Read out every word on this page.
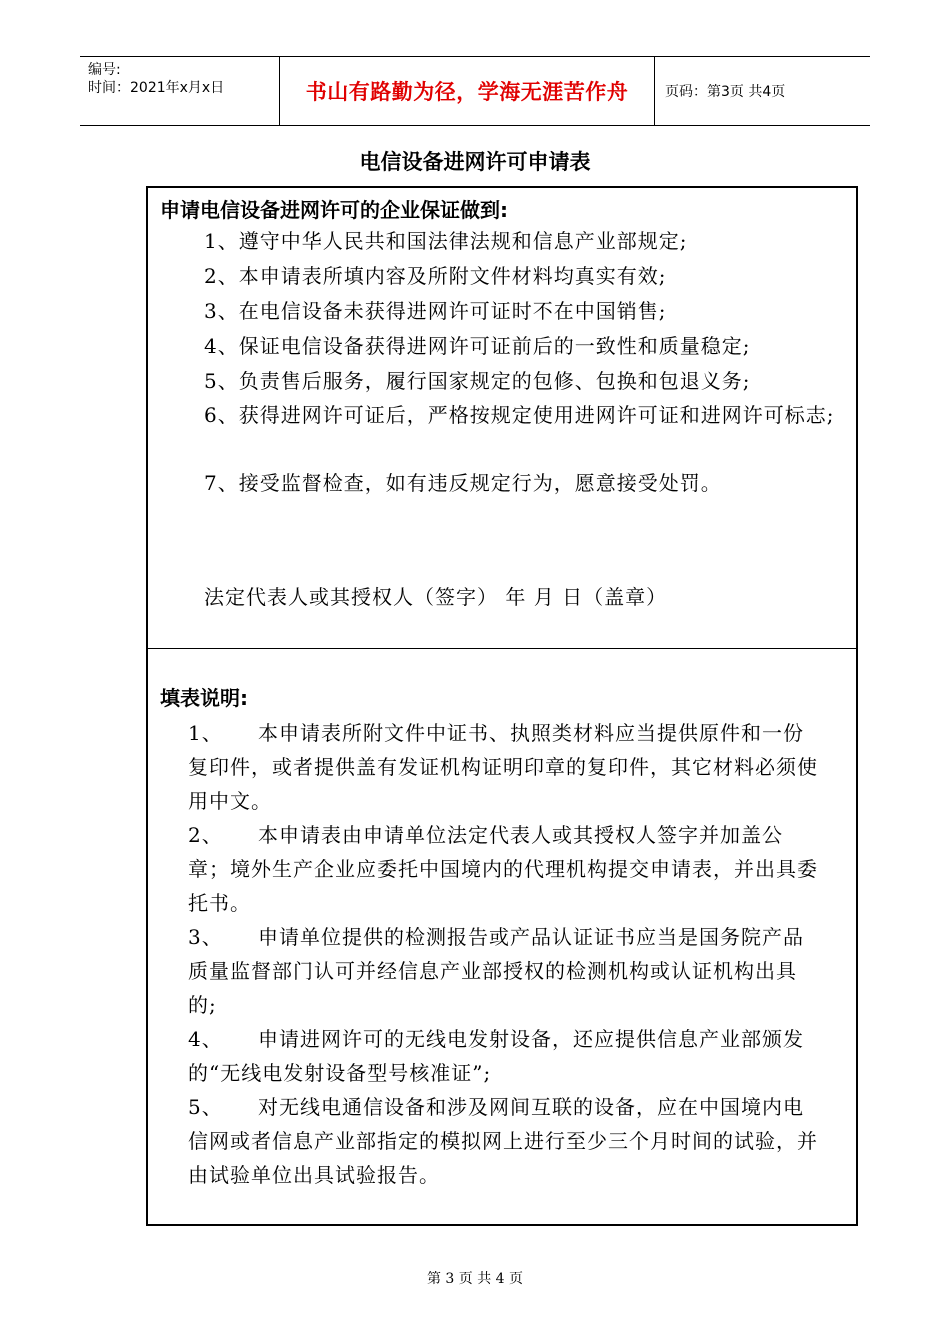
编号:
时间：2021年x月x日	书山有路勤为径，学海无涯苦作舟	页码：第3页 共4页
电信设备进网许可申请表
申请电信设备进网许可的企业保证做到:
1、遵守中华人民共和国法律法规和信息产业部规定;
2、本申请表所填内容及所附文件材料均真实有效;
3、在电信设备未获得进网许可证时不在中国销售;
4、保证电信设备获得进网许可证前后的一致性和质量稳定;
5、负责售后服务，履行国家规定的包修、包换和包退义务;
6、获得进网许可证后，严格按规定使用进网许可证和进网许可标志;
7、接受监督检查，如有违反规定行为，愿意接受处罚。
法定代表人或其授权人（签字） 年 月 日（盖章）
填表说明:
1、 本申请表所附文件中证书、执照类材料应当提供原件和一份复印件，或者提供盖有发证机构证明印章的复印件，其它材料必须使用中文。
2、 本申请表由申请单位法定代表人或其授权人签字并加盖公章；境外生产企业应委托中国境内的代理机构提交申请表，并出具委托书。
3、 申请单位提供的检测报告或产品认证证书应当是国务院产品质量监督部门认可并经信息产业部授权的检测机构或认证机构出具的;
4、 申请进网许可的无线电发射设备，还应提供信息产业部颁发的“无线电发射设备型号核准证”;
5、 对无线电通信设备和涉及网间互联的设备，应在中国境内电信网或者信息产业部指定的模拟网上进行至少三个月时间的试验，并由试验单位出具试验报告。
第 3 页 共 4 页
